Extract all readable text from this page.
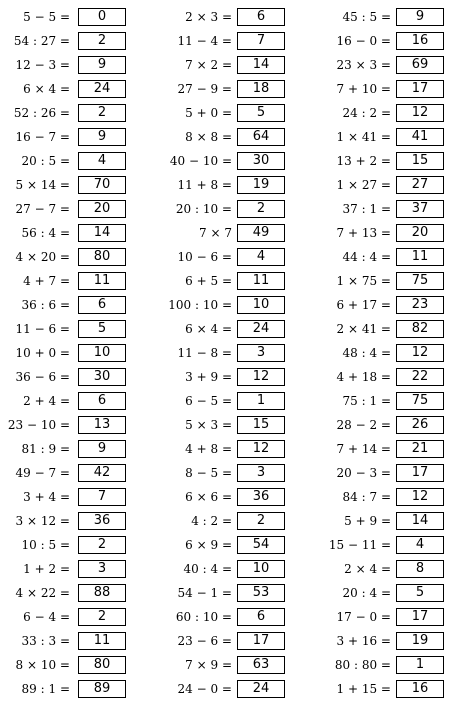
5 − 5 =	0
54 : 27 =	2
12 − 3 =	9
6 × 4 =	24
52 : 26 =	2
16 − 7 =	9
20 : 5 =	4
5 × 14 =	70
27 − 7 =	20
56 : 4 =	14
4 × 20 =	80
4 + 7 =	11
36 : 6 =	6
11 − 6 =	5
10 + 0 =	10
36 − 6 =	30
2 + 4 =	6
23 − 10 =	13
81 : 9 =	9
49 − 7 =	42
3 + 4 =	7
3 × 12 =	36
10 : 5 =	2
1 + 2 =	3
4 × 22 =	88
6 − 4 =	2
33 : 3 =	11
8 × 10 =	80
89 : 1 =	89
2 × 3 =	6
11 − 4 =	7
7 × 2 =	14
27 − 9 =	18
5 + 0 =	5
8 × 8 =	64
40 − 10 =	30
11 + 8 =	19
20 : 10 =	2
7 × 7	49
10 − 6 =	4
6 + 5 =	11
100 : 10 =	10
6 × 4 =	24
11 − 8 =	3
3 + 9 =	12
6 − 5 =	1
5 × 3 =	15
4 + 8 =	12
8 − 5 =	3
6 × 6 =	36
4 : 2 =	2
6 × 9 =	54
40 : 4 =	10
54 − 1 =	53
60 : 10 =	6
23 − 6 =	17
7 × 9 =	63
24 − 0 =	24
45 : 5 =	9
16 − 0 =	16
23 × 3 =	69
7 + 10 =	17
24 : 2 =	12
1 × 41 =	41
13 + 2 =	15
1 × 27 =	27
37 : 1 =	37
7 + 13 =	20
44 : 4 =	11
1 × 75 =	75
6 + 17 =	23
2 × 41 =	82
48 : 4 =	12
4 + 18 =	22
75 : 1 =	75
28 − 2 =	26
7 + 14 =	21
20 − 3 =	17
84 : 7 =	12
5 + 9 =	14
15 − 11 =	4
2 × 4 =	8
20 : 4 =	5
17 − 0 =	17
3 + 16 =	19
80 : 80 =	1
1 + 15 =	16
